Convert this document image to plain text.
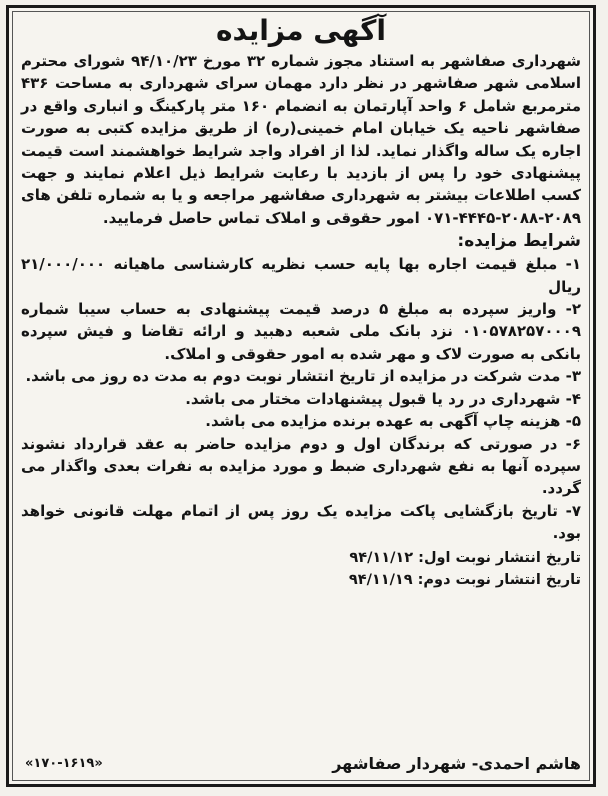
آگهی مزایده

شهرداری صفاشهر به استناد مجوز شماره ۳۲ مورخ ۹۴/۱۰/۲۳ شورای محترم اسلامی شهر صفاشهر در نظر دارد مهمان سرای شهرداری به مساحت ۴۳۶ مترمربع شامل ۶ واحد آپارتمان به انضمام ۱۶۰ متر پارکینگ و انباری واقع در صفاشهر ناحیه یک خیابان امام خمینی(ره) از طریق مزایده کتبی به صورت اجاره یک ساله واگذار نماید. لذا از افراد واجد شرایط خواهشمند است قیمت پیشنهادی خود را پس از بازدید با رعایت شرایط ذیل اعلام نمایند و جهت کسب اطلاعات بیشتر به شهرداری صفاشهر مراجعه و یا به شماره تلفن های ۲۰۸۹-۲۰۸۸-۴۴۴۵-۰۷۱ امور حقوقی و املاک تماس حاصل فرمایید.

شرایط مزایده:

۱- مبلغ قیمت اجاره بها پایه حسب نظریه کارشناسی ماهیانه ۲۱/۰۰۰/۰۰۰ ریال

۲- واریز سپرده به مبلغ ۵ درصد قیمت پیشنهادی به حساب سیبا شماره ۰۱۰۵۷۸۲۵۷۰۰۰۹ نزد بانک ملی شعبه دهبید و ارائه تقاضا و فیش سپرده بانکی به صورت لاک و مهر شده به امور حقوقی و املاک.

۳- مدت شرکت در مزایده از تاریخ انتشار نوبت دوم به مدت ده روز می باشد.

۴- شهرداری در رد یا قبول پیشنهادات مختار می باشد.

۵- هزینه چاپ آگهی به عهده برنده مزایده می باشد.

۶- در صورتی که برندگان اول و دوم مزایده حاضر به عقد قرارداد نشوند سپرده آنها به نفع شهرداری ضبط و مورد مزایده به نفرات بعدی واگذار می گردد.

۷- تاریخ بازگشایی پاکت مزایده یک روز پس از اتمام مهلت قانونی خواهد بود.

تاریخ انتشار نوبت اول: ۹۴/۱۱/۱۲

تاریخ انتشار نوبت دوم: ۹۴/۱۱/۱۹

هاشم احمدی- شهردار صفاشهر
«۱۷۰-۱۶۱۹»
